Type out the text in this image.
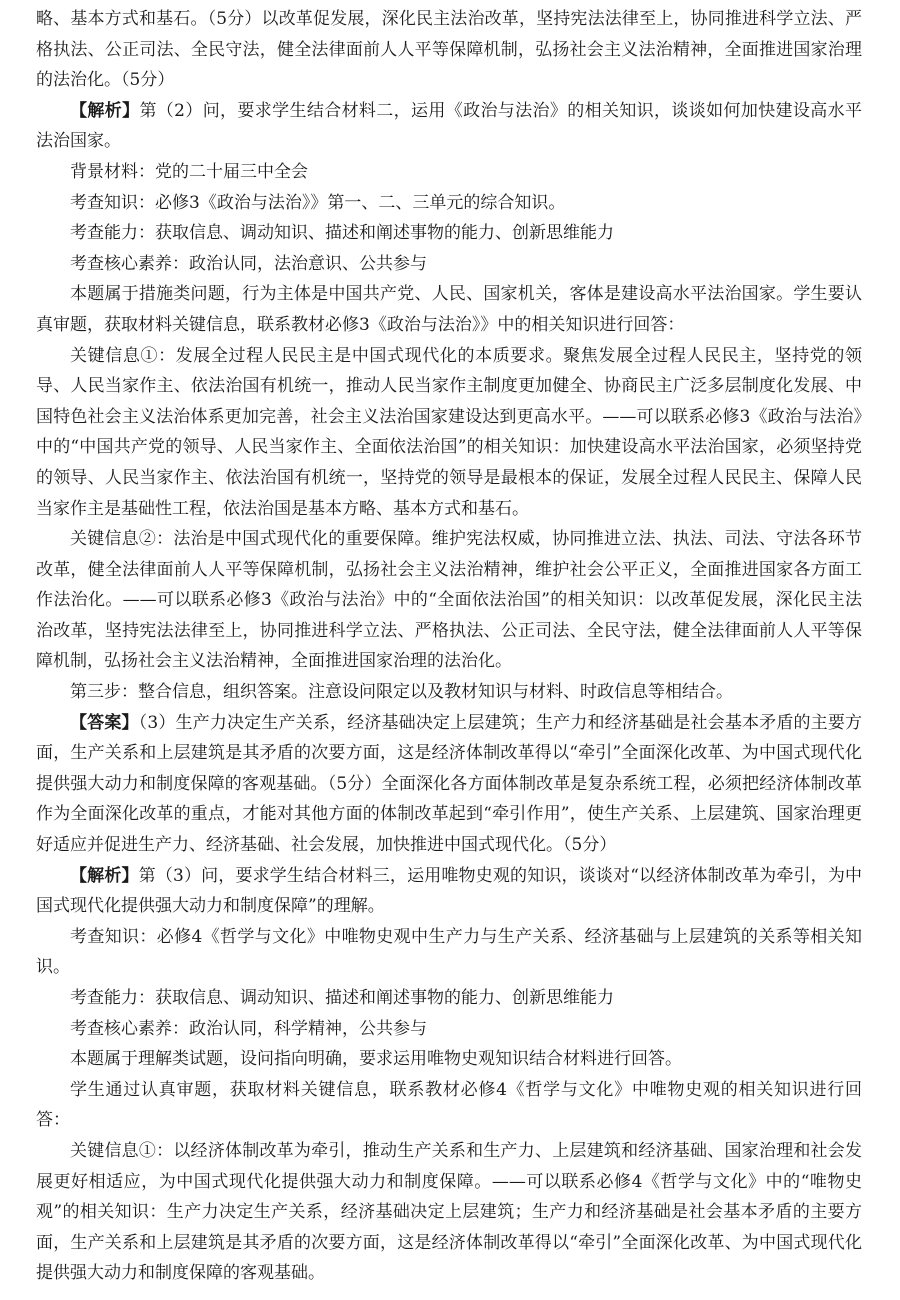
略、基本方式和基石。（5分）以改革促发展，深化民主法治改革，坚持宪法法律至上，协同推进科学立法、严格执法、公正司法、全民守法，健全法律面前人人平等保障机制，弘扬社会主义法治精神，全面推进国家治理的法治化。（5分）

【解析】第（2）问，要求学生结合材料二，运用《政治与法治》的相关知识，谈谈如何加快建设高水平法治国家。

背景材料：党的二十届三中全会

考查知识：必修3《政治与法治》》第一、二、三单元的综合知识。

考查能力：获取信息、调动知识、描述和阐述事物的能力、创新思维能力

考查核心素养：政治认同，法治意识、公共参与

本题属于措施类问题，行为主体是中国共产党、人民、国家机关，客体是建设高水平法治国家。学生要认真审题，获取材料关键信息，联系教材必修3《政治与法治》》中的相关知识进行回答：

关键信息①：发展全过程人民民主是中国式现代化的本质要求。聚焦发展全过程人民民主，坚持党的领导、人民当家作主、依法治国有机统一，推动人民当家作主制度更加健全、协商民主广泛多层制度化发展、中国特色社会主义法治体系更加完善，社会主义法治国家建设达到更高水平。——可以联系必修3《政治与法治》中的“中国共产党的领导、人民当家作主、全面依法治国”的相关知识：加快建设高水平法治国家，必须坚持党的领导、人民当家作主、依法治国有机统一，坚持党的领导是最根本的保证，发展全过程人民民主、保障人民当家作主是基础性工程，依法治国是基本方略、基本方式和基石。

关键信息②：法治是中国式现代化的重要保障。维护宪法权威，协同推进立法、执法、司法、守法各环节改革，健全法律面前人人平等保障机制，弘扬社会主义法治精神，维护社会公平正义，全面推进国家各方面工作法治化。——可以联系必修3《政治与法治》中的“全面依法治国”的相关知识：以改革促发展，深化民主法治改革，坚持宪法法律至上，协同推进科学立法、严格执法、公正司法、全民守法，健全法律面前人人平等保障机制，弘扬社会主义法治精神，全面推进国家治理的法治化。

第三步：整合信息，组织答案。注意设问限定以及教材知识与材料、时政信息等相结合。

【答案】（3）生产力决定生产关系，经济基础决定上层建筑；生产力和经济基础是社会基本矛盾的主要方面，生产关系和上层建筑是其矛盾的次要方面，这是经济体制改革得以“牵引”全面深化改革、为中国式现代化提供强大动力和制度保障的客观基础。（5分）全面深化各方面体制改革是复杂系统工程，必须把经济体制改革作为全面深化改革的重点，才能对其他方面的体制改革起到“牵引作用”，使生产关系、上层建筑、国家治理更好适应并促进生产力、经济基础、社会发展，加快推进中国式现代化。（5分）

【解析】第（3）问，要求学生结合材料三，运用唯物史观的知识，谈谈对“以经济体制改革为牵引，为中国式现代化提供强大动力和制度保障”的理解。

考查知识：必修4《哲学与文化》中唯物史观中生产力与生产关系、经济基础与上层建筑的关系等相关知识。

考查能力：获取信息、调动知识、描述和阐述事物的能力、创新思维能力

考查核心素养：政治认同，科学精神，公共参与

本题属于理解类试题，设问指向明确，要求运用唯物史观知识结合材料进行回答。

学生通过认真审题，获取材料关键信息，联系教材必修4《哲学与文化》中唯物史观的相关知识进行回答：

关键信息①：以经济体制改革为牵引，推动生产关系和生产力、上层建筑和经济基础、国家治理和社会发展更好相适应，为中国式现代化提供强大动力和制度保障。——可以联系必修4《哲学与文化》中的“唯物史观”的相关知识：生产力决定生产关系，经济基础决定上层建筑；生产力和经济基础是社会基本矛盾的主要方面，生产关系和上层建筑是其矛盾的次要方面，这是经济体制改革得以“牵引”全面深化改革、为中国式现代化提供强大动力和制度保障的客观基础。
